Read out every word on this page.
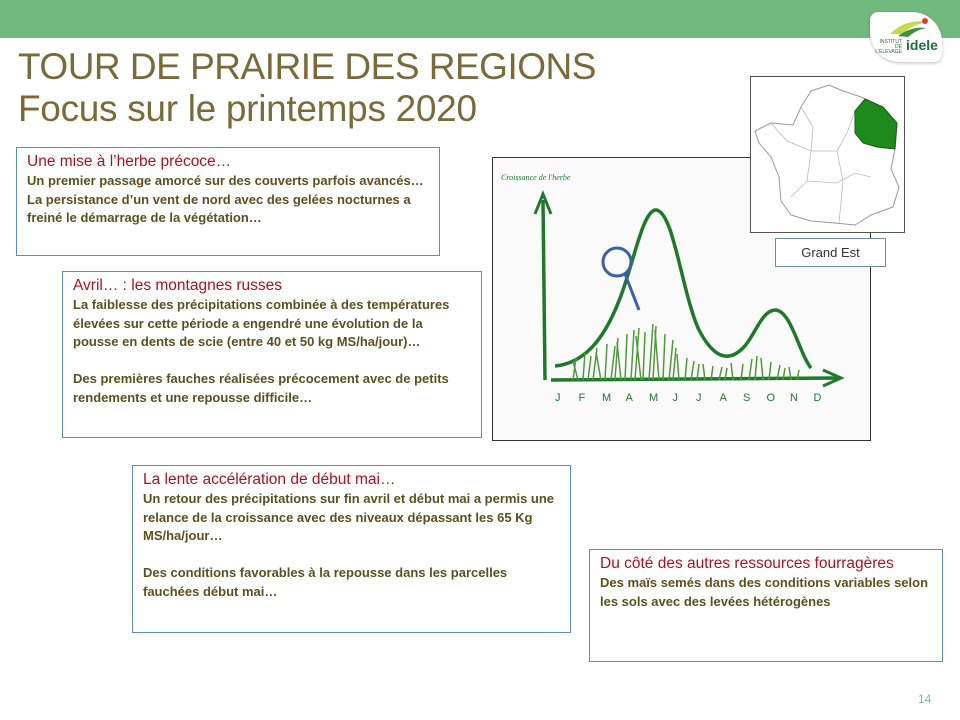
INSTITUT DE L'ÉLEVAGE idele
TOUR DE PRAIRIE DES REGIONS
Focus sur le printemps 2020
Une mise à l’herbe précoce…
Un premier passage amorcé sur des couverts parfois avancés…
La persistance d’un vent de nord avec des gelées nocturnes a freiné le démarrage de la végétation…
Avril… : les montagnes russes
La faiblesse des précipitations combinée à des températures élevées sur cette période a engendré une évolution de la pousse en dents de scie (entre 40 et 50 kg MS/ha/jour)…

Des premières fauches réalisées précocement avec de petits rendements et une repousse difficile…
La lente accélération de début mai…
Un retour des précipitations sur fin avril et début mai a permis une relance de la croissance avec des niveaux dépassant les 65 Kg MS/ha/jour…

Des conditions favorables à la repousse dans les parcelles fauchées début mai…
Du côté des autres ressources fourragères
Des maïs semés dans des conditions variables selon les sols avec des levées hétérogènes
Croissance de l'herbe
J F M A M J J A S O N D
Grand Est
14
